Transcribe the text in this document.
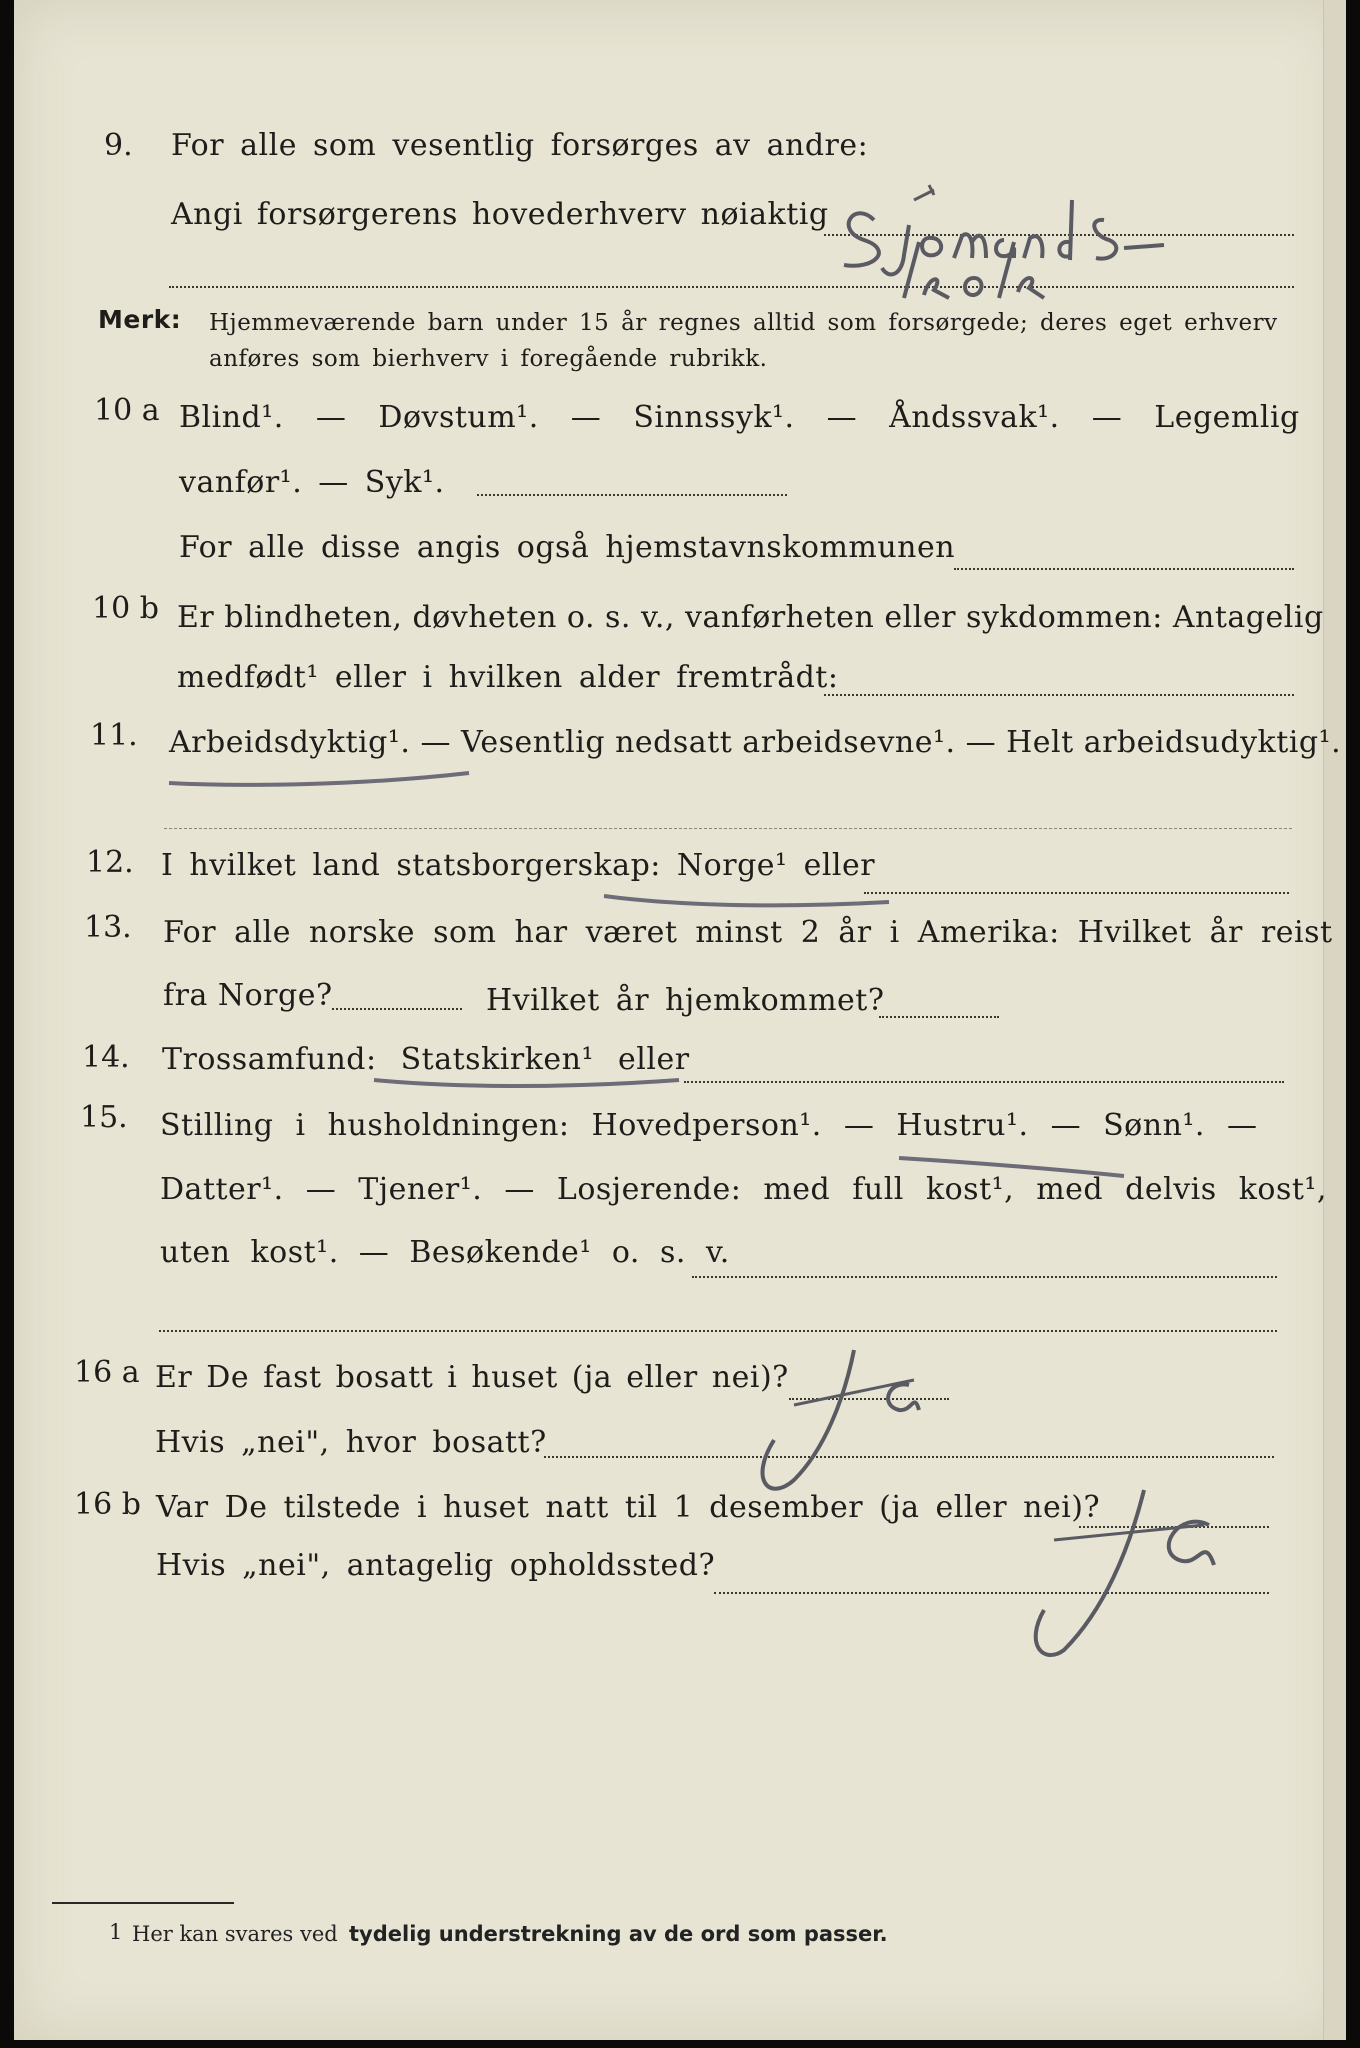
9. For alle som vesentlig forsørges av andre:
Angi forsørgerens hovederhverv nøiaktig
Merk: Hjemmeværende barn under 15 år regnes alltid som forsørgede; deres eget erhverv
anføres som bierhverv i foregående rubrikk.
10 a Blind¹. — Døvstum¹. — Sinnssyk¹. — Åndssvak¹. — Legemlig
vanfør¹. — Syk¹.
For alle disse angis også hjemstavnskommunen
10 b Er blindheten, døvheten o. s. v., vanførheten eller sykdommen: Antagelig
medfødt¹ eller i hvilken alder fremtrådt:
11. Arbeidsdyktig¹. — Vesentlig nedsatt arbeidsevne¹. — Helt arbeidsudyktig¹.
12. I hvilket land statsborgerskap: Norge¹ eller
13. For alle norske som har været minst 2 år i Amerika: Hvilket år reist
fra Norge?	Hvilket år hjemkommet?
14. Trossamfund: Statskirken¹ eller
15. Stilling i husholdningen: Hovedperson¹. — Hustru¹. — Sønn¹. —
Datter¹. — Tjener¹. — Losjerende: med full kost¹, med delvis kost¹,
uten kost¹. — Besøkende¹ o. s. v.
16 a Er De fast bosatt i huset (ja eller nei)?
Hvis „nei", hvor bosatt?
16 b Var De tilstede i huset natt til 1 desember (ja eller nei)?
Hvis „nei", antagelig opholdssted?
1 Her kan svares ved tydelig understrekning av de ord som passer.
